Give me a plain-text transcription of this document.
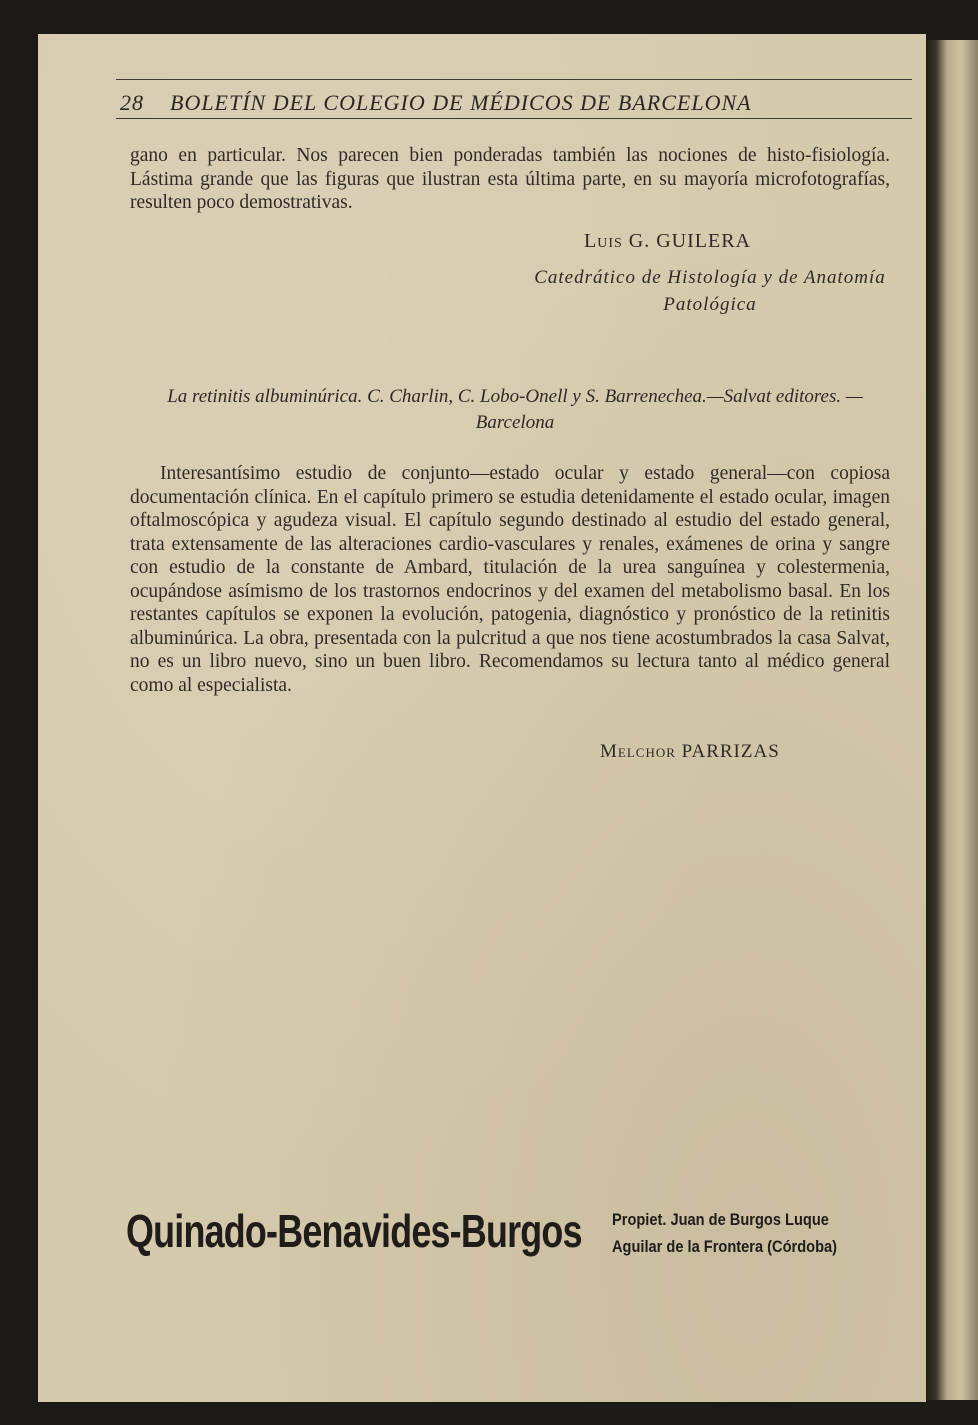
28 BOLETÍN DEL COLEGIO DE MÉDICOS DE BARCELONA
gano en particular. Nos parecen bien ponderadas también las nociones de histo-fisiología. Lástima grande que las figuras que ilustran esta última parte, en su mayoría microfotografías, resulten poco demostrativas.
Luis G. GUILERA
Catedrático de Histología y de Anatomía Patológica
La retinitis albuminúrica. C. Charlin, C. Lobo-Onell y S. Barrenechea.—Salvat editores. — Barcelona
Interesantísimo estudio de conjunto—estado ocular y estado general—con copiosa documentación clínica. En el capítulo primero se estudia detenidamente el estado ocular, imagen oftalmoscópica y agudeza visual. El capítulo segundo destinado al estudio del estado general, trata extensamente de las alteraciones cardio-vasculares y renales, exámenes de orina y sangre con estudio de la constante de Ambard, titulación de la urea sanguínea y colestermenia, ocupándose asímismo de los trastornos endocrinos y del examen del metabolismo basal. En los restantes capítulos se exponen la evolución, patogenia, diagnóstico y pronóstico de la retinitis albuminúrica. La obra, presentada con la pulcritud a que nos tiene acostumbrados la casa Salvat, no es un libro nuevo, sino un buen libro. Recomendamos su lectura tanto al médico general como al especialista.
Melchor PARRIZAS
Quinado-Benavides-Burgos Propiet. Juan de Burgos Luque
Aguilar de la Frontera (Córdoba)
